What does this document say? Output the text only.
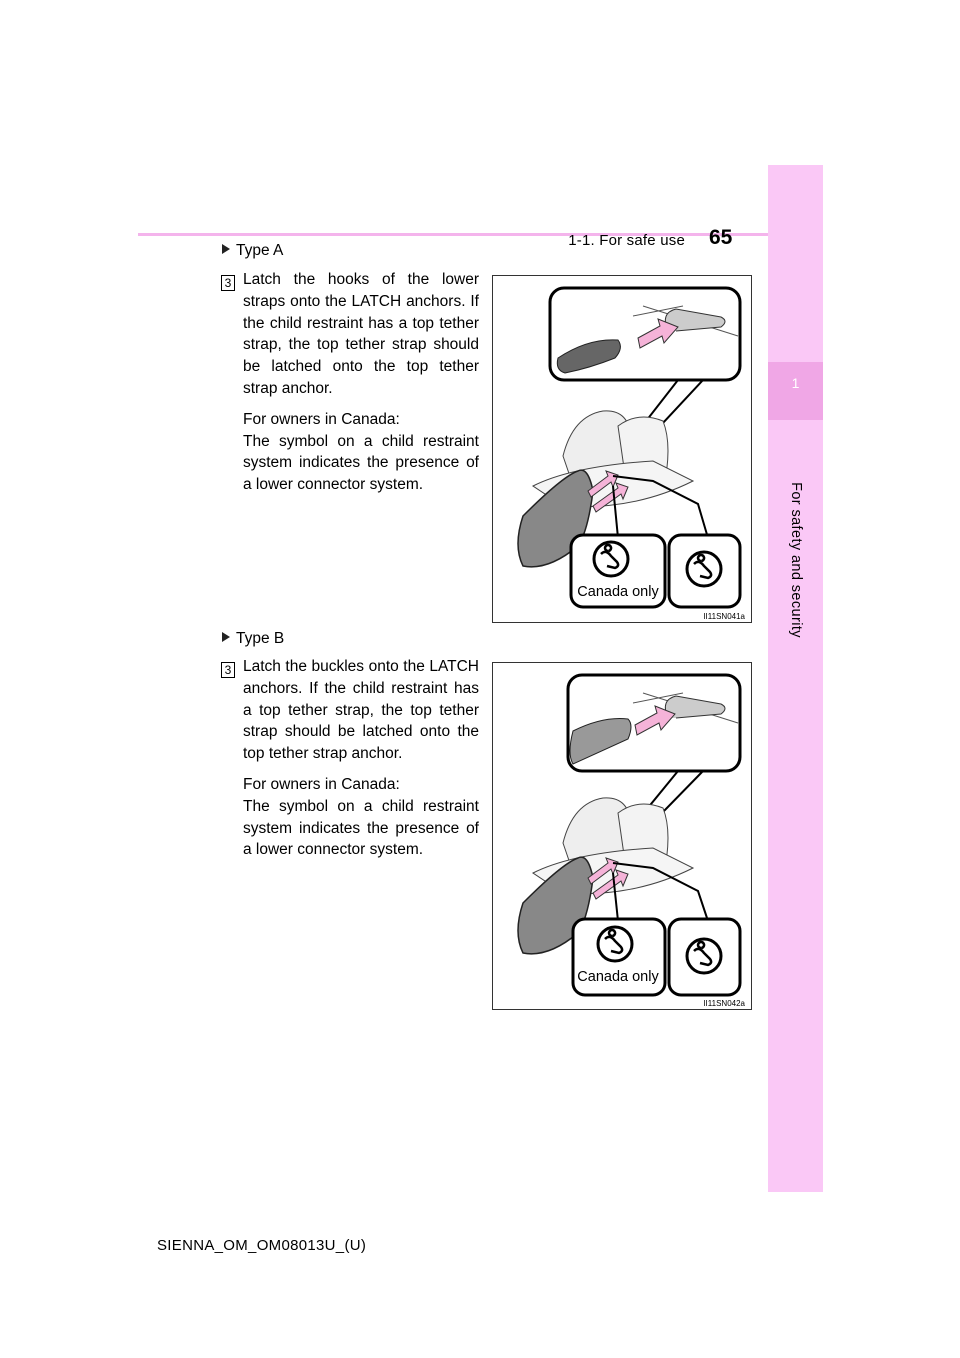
1-1. For safe use 65
1
For safety and security
Type A
3 Latch the hooks of the lower straps onto the LATCH anchors. If the child restraint has a top tether strap, the top tether strap should be latched onto the top tether strap anchor.

For owners in Canada:

The symbol on a child restraint system indicates the presence of a lower connector system.

Canada only
II11SN041a
Type B
3 Latch the buckles onto the LATCH anchors. If the child restraint has a top tether strap, the top tether strap should be latched onto the top tether strap anchor.

For owners in Canada:

The symbol on a child restraint system indicates the presence of a lower connector system.

Canada only
II11SN042a
SIENNA_OM_OM08013U_(U)
